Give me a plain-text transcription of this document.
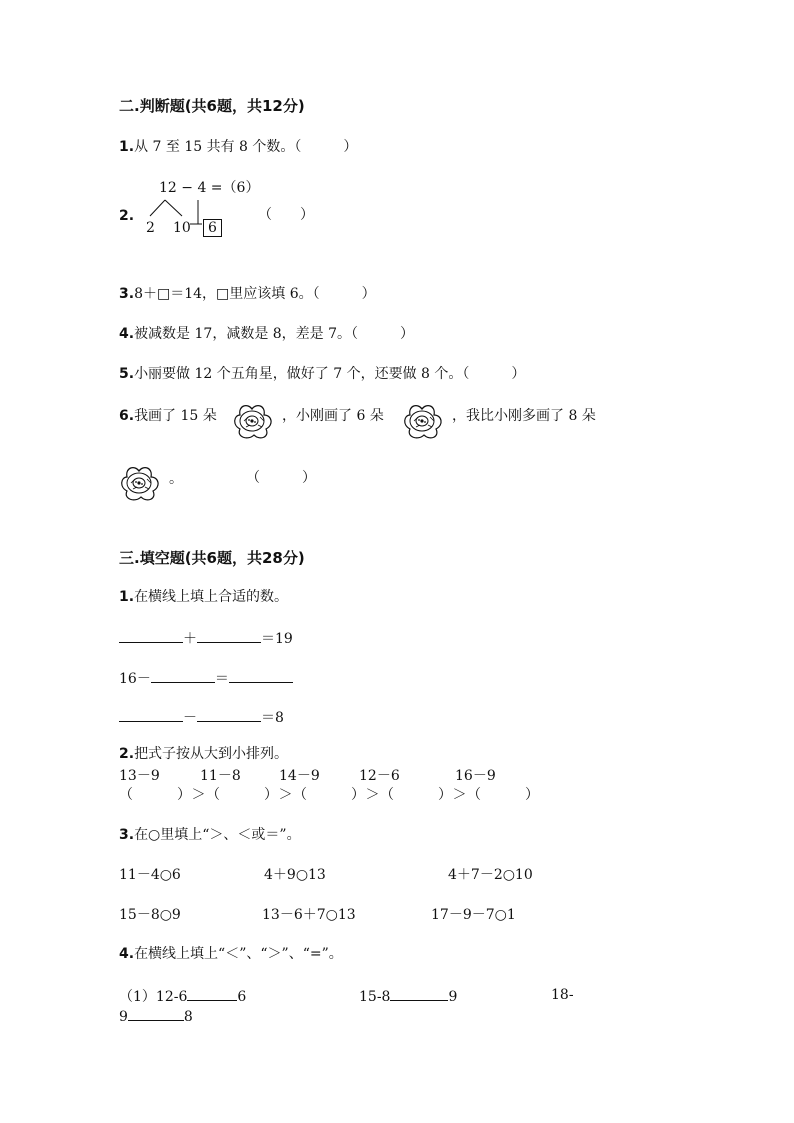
二.判断题(共6题，共12分)
1.从 7 至 15 共有 8 个数。（　　　）
12 − 4 =（6）
2.
2 10	6
（　　）
3.8＋□＝14，□里应该填 6。（　　　）
4.被减数是 17，减数是 8，差是 7。（　　　）
5.小丽要做 12 个五角星，做好了 7 个，还要做 8 个。（　　　）
6.我画了 15 朵	，小刚画了 6 朵	，我比小刚多画了 8 朵
。	（　　　）
三.填空题(共6题，共28分)
1.在横线上填上合适的数。
＋	＝19
16－	＝
－	＝8
2.把式子按从大到小排列。
13－9	11－8	14－9	12－6	16－9
（　　　）＞（　　　）＞（　　　）＞（　　　）＞（　　　）
3.在○里填上“＞、＜或＝”。
11－4○6	4＋9○13	4＋7－2○10
15－8○9	13－6＋7○13	17－9－7○1
4.在横线上填上“＜”、“＞”、“=”。
（1）12-6	6	15-8	9	18-
9	8
